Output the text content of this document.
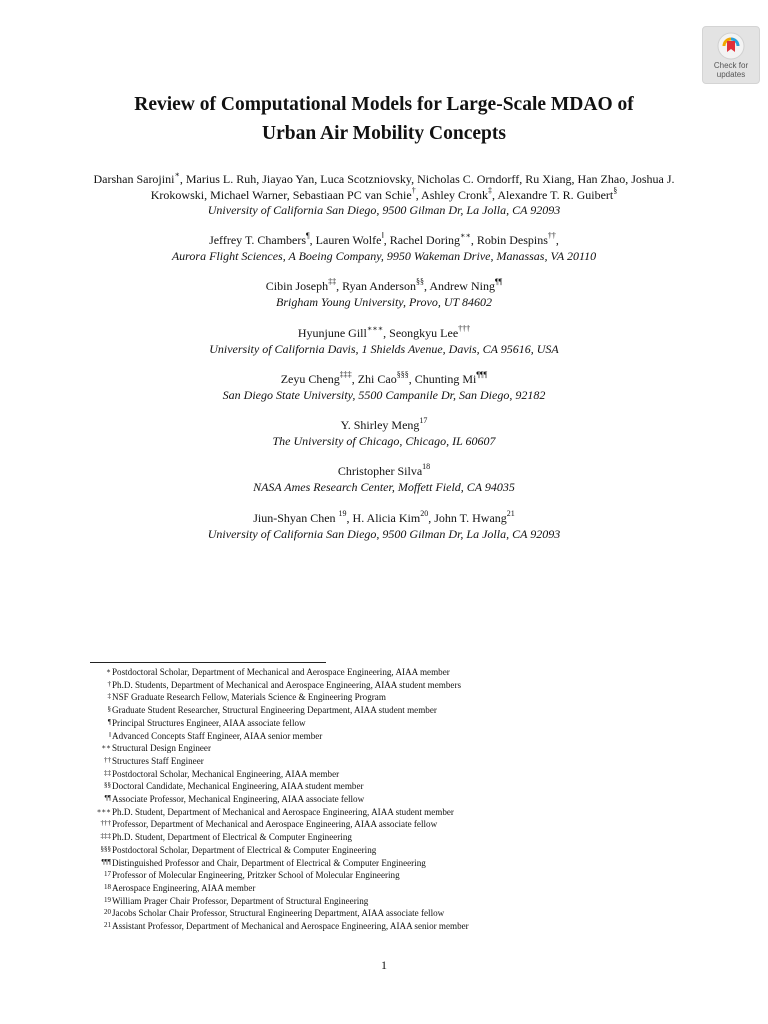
Check for
updates
Review of Computational Models for Large-Scale MDAO of
Urban Air Mobility Concepts
Darshan Sarojini∗, Marius L. Ruh, Jiayao Yan, Luca Scotzniovsky, Nicholas C. Orndorff, Ru Xiang, Han Zhao, Joshua J. Krokowski, Michael Warner, Sebastiaan PC van Schie†, Ashley Cronk‡, Alexandre T. R. Guibert§
University of California San Diego, 9500 Gilman Dr, La Jolla, CA 92093
Jeffrey T. Chambers¶, Lauren Wolfe‖, Rachel Doring∗∗, Robin Despins††,
Aurora Flight Sciences, A Boeing Company, 9950 Wakeman Drive, Manassas, VA 20110
Cibin Joseph‡‡, Ryan Anderson§§, Andrew Ning¶¶
Brigham Young University, Provo, UT 84602
Hyunjune Gill∗∗∗, Seongkyu Lee†††
University of California Davis, 1 Shields Avenue, Davis, CA 95616, USA
Zeyu Cheng‡‡‡, Zhi Cao§§§, Chunting Mi¶¶¶
San Diego State University, 5500 Campanile Dr, San Diego, 92182
Y. Shirley Meng$^{17}$
The University of Chicago, Chicago, IL 60607
Christopher Silva$^{18}$
NASA Ames Research Center, Moffett Field, CA 94035
Jiun-Shyan Chen $^{19}$, H. Alicia Kim$^{20}$, John T. Hwang$^{21}$
University of California San Diego, 9500 Gilman Dr, La Jolla, CA 92093
∗ Postdoctoral Scholar, Department of Mechanical and Aerospace Engineering, AIAA member
† Ph.D. Students, Department of Mechanical and Aerospace Engineering, AIAA student members
‡ NSF Graduate Research Fellow, Materials Science & Engineering Program
§ Graduate Student Researcher, Structural Engineering Department, AIAA student member
¶ Principal Structures Engineer, AIAA associate fellow
‖ Advanced Concepts Staff Engineer, AIAA senior member
∗∗ Structural Design Engineer
†† Structures Staff Engineer
‡‡ Postdoctoral Scholar, Mechanical Engineering, AIAA member
§§ Doctoral Candidate, Mechanical Engineering, AIAA student member
¶¶ Associate Professor, Mechanical Engineering, AIAA associate fellow
∗∗∗ Ph.D. Student, Department of Mechanical and Aerospace Engineering, AIAA student member
††† Professor, Department of Mechanical and Aerospace Engineering, AIAA associate fellow
‡‡‡ Ph.D. Student, Department of Electrical & Computer Engineering
§§§ Postdoctoral Scholar, Department of Electrical & Computer Engineering
¶¶¶ Distinguished Professor and Chair, Department of Electrical & Computer Engineering
17 Professor of Molecular Engineering, Pritzker School of Molecular Engineering
18 Aerospace Engineering, AIAA member
19 William Prager Chair Professor, Department of Structural Engineering
20 Jacobs Scholar Chair Professor, Structural Engineering Department, AIAA associate fellow
21 Assistant Professor, Department of Mechanical and Aerospace Engineering, AIAA senior member
1
